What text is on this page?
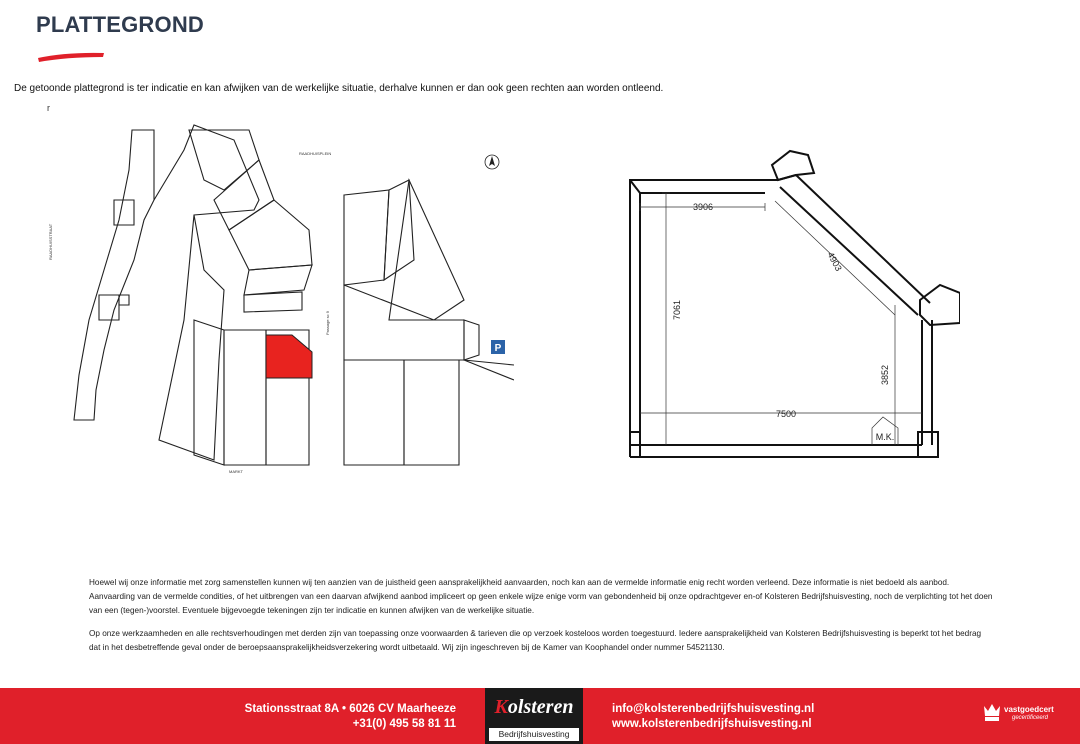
PLATTEGROND
De getoonde plattegrond is ter indicatie en kan afwijken van de werkelijke situatie, derhalve kunnen er dan ook geen rechten aan worden ontleend.
r
P
RAADHUISPLEIN
RAADHUISSTRAAT
MARKT
Passage sc 9
3906
4903
7061
3852
7500
M.K.

Hoewel wij onze informatie met zorg samenstellen kunnen wij ten aanzien van de juistheid geen aansprakelijkheid aanvaarden, noch kan aan de vermelde informatie enig recht worden verleend. Deze informatie is niet bedoeld als aanbod. Aanvaarding van de vermelde condities, of het uitbrengen van een daarvan afwijkend aanbod impliceert op geen enkele wijze enige vorm van gebondenheid bij onze opdrachtgever en-of Kolsteren Bedrijfshuisvesting, noch de verplichting tot het doen van een (tegen-)voorstel. Eventuele bijgevoegde tekeningen zijn ter indicatie en kunnen afwijken van de werkelijke situatie.

Op onze werkzaamheden en alle rechtsverhoudingen met derden zijn van toepassing onze voorwaarden & tarieven die op verzoek kosteloos worden toegestuurd. Iedere aansprakelijkheid van Kolsteren Bedrijfshuisvesting is beperkt tot het bedrag dat in het desbetreffende geval onder de beroepsaansprakelijkheidsverzekering wordt uitbetaald. Wij zijn ingeschreven bij de Kamer van Koophandel onder nummer 54521130.

Stationsstraat 8A • 6026 CV Maarheeze
+31(0) 495 58 81 11
Kolsteren
Bedrijfshuisvesting
info@kolsterenbedrijfshuisvesting.nl
www.kolsterenbedrijfshuisvesting.nl
vastgoedcert
gecertificeerd
